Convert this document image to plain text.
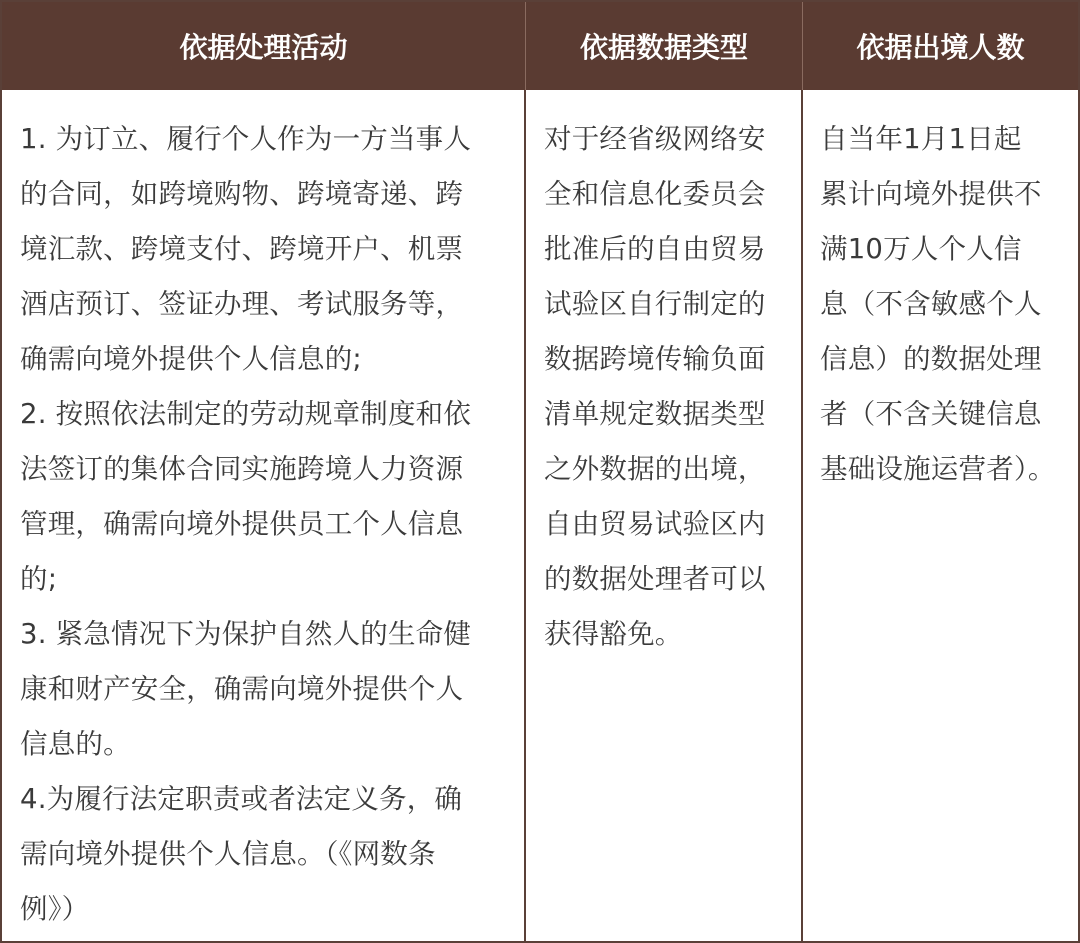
依据处理活动	依据数据类型	依据出境人数
1. 为订立、履行个人作为一方当事人
的合同，如跨境购物、跨境寄递、跨
境汇款、跨境支付、跨境开户、机票
酒店预订、签证办理、考试服务等，
确需向境外提供个人信息的;
2. 按照依法制定的劳动规章制度和依
法签订的集体合同实施跨境人力资源
管理，确需向境外提供员工个人信息
的;
3. 紧急情况下为保护自然人的生命健
康和财产安全，确需向境外提供个人
信息的。
4.为履行法定职责或者法定义务，确
需向境外提供个人信息。（《网数条
例》）
对于经省级网络安
全和信息化委员会
批准后的自由贸易
试验区自行制定的
数据跨境传输负面
清单规定数据类型
之外数据的出境，
自由贸易试验区内
的数据处理者可以
获得豁免。
自当年1月1日起
累计向境外提供不
满10万人个人信
息（不含敏感个人
信息）的数据处理
者（不含关键信息
基础设施运营者）。
